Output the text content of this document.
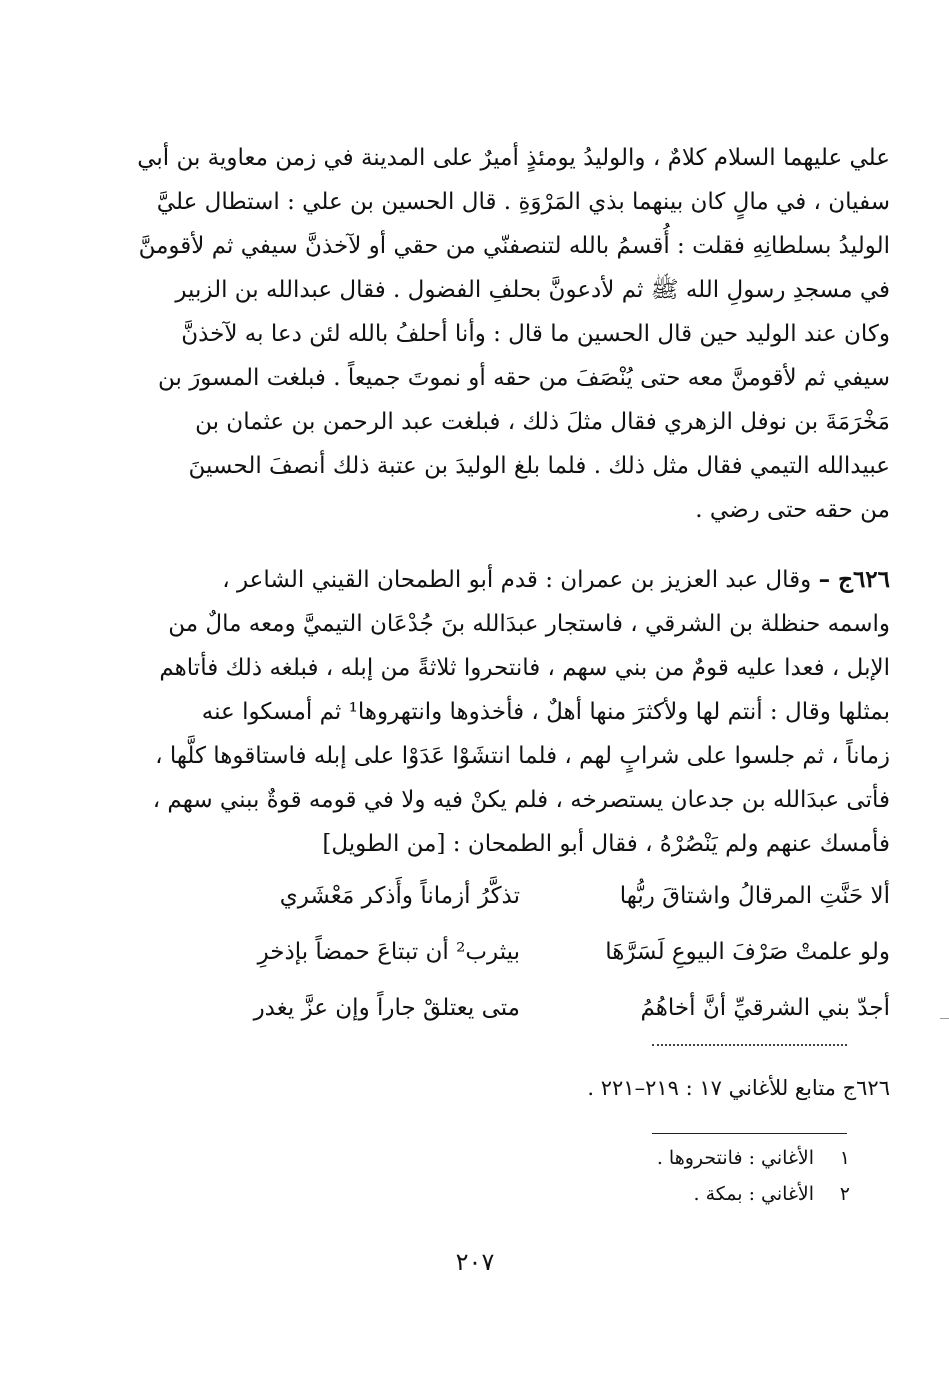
علي عليهما السلام كلامٌ ، والوليدُ يومئذٍ أميرٌ على المدينة في زمن معاوية بن أبي
سفيان ، في مالٍ كان بينهما بذي المَرْوَةِ . قال الحسين بن علي : استطال عليَّ
الوليدُ بسلطانِهِ فقلت : أُقسمُ بالله لتنصفنّي من حقي أو لآخذنَّ سيفي ثم لأقومنَّ
في مسجدِ رسولِ الله ﷺ ثم لأدعونَّ بحلفِ الفضول . فقال عبدالله بن الزبير
وكان عند الوليد حين قال الحسين ما قال : وأنا أحلفُ بالله لئن دعا به لآخذنَّ
سيفي ثم لأقومنَّ معه حتى يُنْصَفَ من حقه أو نموتَ جميعاً . فبلغت المسورَ بن
مَخْرَمَةَ بن نوفل الزهري فقال مثلَ ذلك ، فبلغت عبد الرحمن بن عثمان بن
عبيدالله التيمي فقال مثل ذلك . فلما بلغ الوليدَ بن عتبة ذلك أنصفَ الحسينَ
من حقه حتى رضي .
٦٢٦ج – وقال عبد العزيز بن عمران : قدم أبو الطمحان القيني الشاعر ،
واسمه حنظلة بن الشرقي ، فاستجار عبدَالله بنَ جُدْعَان التيميَّ ومعه مالٌ من
الإبل ، فعدا عليه قومٌ من بني سهم ، فانتحروا ثلاثةً من إبله ، فبلغه ذلك فأتاهم
بمثلها وقال : أنتم لها ولأكثرَ منها أهلٌ ، فأخذوها وانتهروها¹ ثم أمسكوا عنه
زماناً ، ثم جلسوا على شرابٍ لهم ، فلما انتشَوْا عَدَوْا على إبله فاستاقوها كلَّها ،
فأتى عبدَالله بن جدعان يستصرخه ، فلم يكنْ فيه ولا في قومه قوةٌ ببني سهم ،
فأمسك عنهم ولم يَنْصُرْهُ ، فقال أبو الطمحان : [من الطويل]
ألا حَنَّتِ المرقالُ واشتاقَ ربُّها
تذكَّرُ أزماناً وأَذكر مَعْشَري
ولو علمتْ صَرْفَ البيوعِ لَسَرَّهَا
بيثرب² أن تبتاعَ حمضاً بإذخرِ
أجدّ بني الشرقيِّ أنَّ أخاهُمُ
متى يعتلقْ جاراً وإن عزَّ يغدر
٦٢٦ج متابع للأغاني ١٧ : ٢١٩–٢٢١ .
١الأغاني : فانتحروها .
٢الأغاني : بمكة .
٢٠٧
